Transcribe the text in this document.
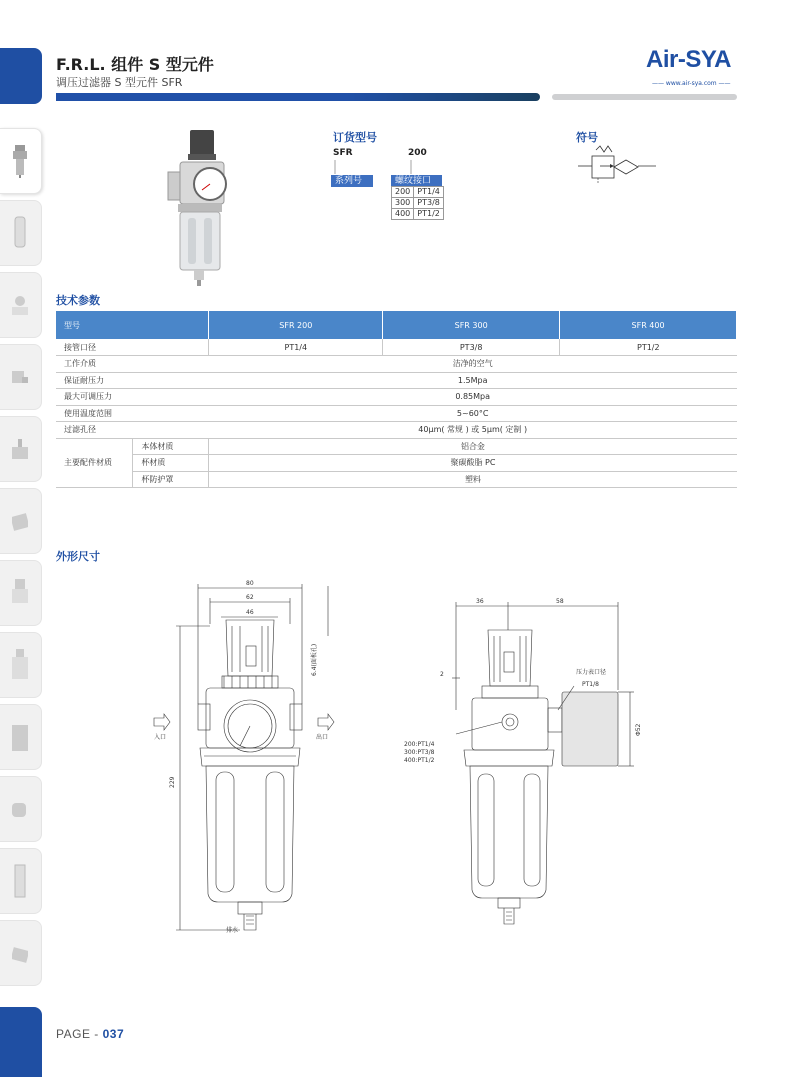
F.R.L. 组件 S 型元件
调压过滤器 S 型元件 SFR
Air-SYA
—— www.air-sya.com ——
订货型号
SFR	200
系列号	螺纹接口
200	PT1/4
300	PT3/8
400	PT1/2
符号
技术参数
型号		SFR 200	SFR 300	SFR 400
接管口径		PT1/4	PT3/8	PT1/2
工作介质		洁净的空气		
保证耐压力		1.5Mpa		
最大可调压力		0.85Mpa		
使用温度范围		5~60°C		
过滤孔径		40μm( 常规 ) 或 5μm( 定制 )		
主要配件材质	本体材质	铝合金		
	杯材质	聚碳酸脂 PC		
	杯防护罩	塑料		
外形尺寸
80
62
46
229
6.4(面板孔)
入口	出口
排水
36	58
2	压力表口径
PT1/8
Φ52
200:PT1/4
300:PT3/8
400:PT1/2
PAGE - 037
